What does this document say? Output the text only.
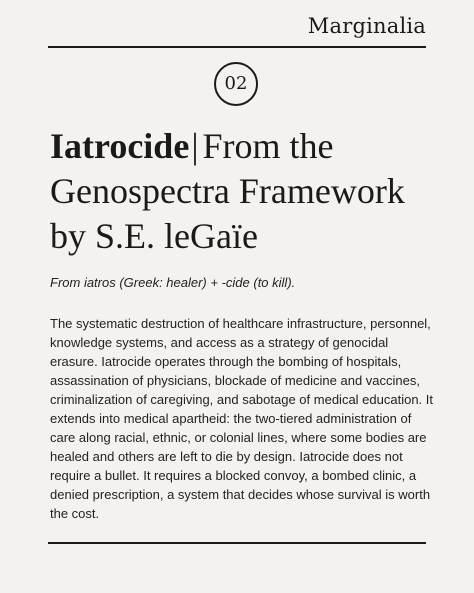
Marginalia
02
Iatrocide| From the
Genospectra Framework
by S.E. leGaïe

From iatros (Greek: healer) + -cide (to kill).

The systematic destruction of healthcare infrastructure, personnel, knowledge systems, and access as a strategy of genocidal erasure. Iatrocide operates through the bombing of hospitals, assassination of physicians, blockade of medicine and vaccines, criminalization of caregiving, and sabotage of medical education. It extends into medical apartheid: the two-tiered administration of care along racial, ethnic, or colonial lines, where some bodies are healed and others are left to die by design. Iatrocide does not require a bullet. It requires a blocked convoy, a bombed clinic, a denied prescription, a system that decides whose survival is worth the cost.
